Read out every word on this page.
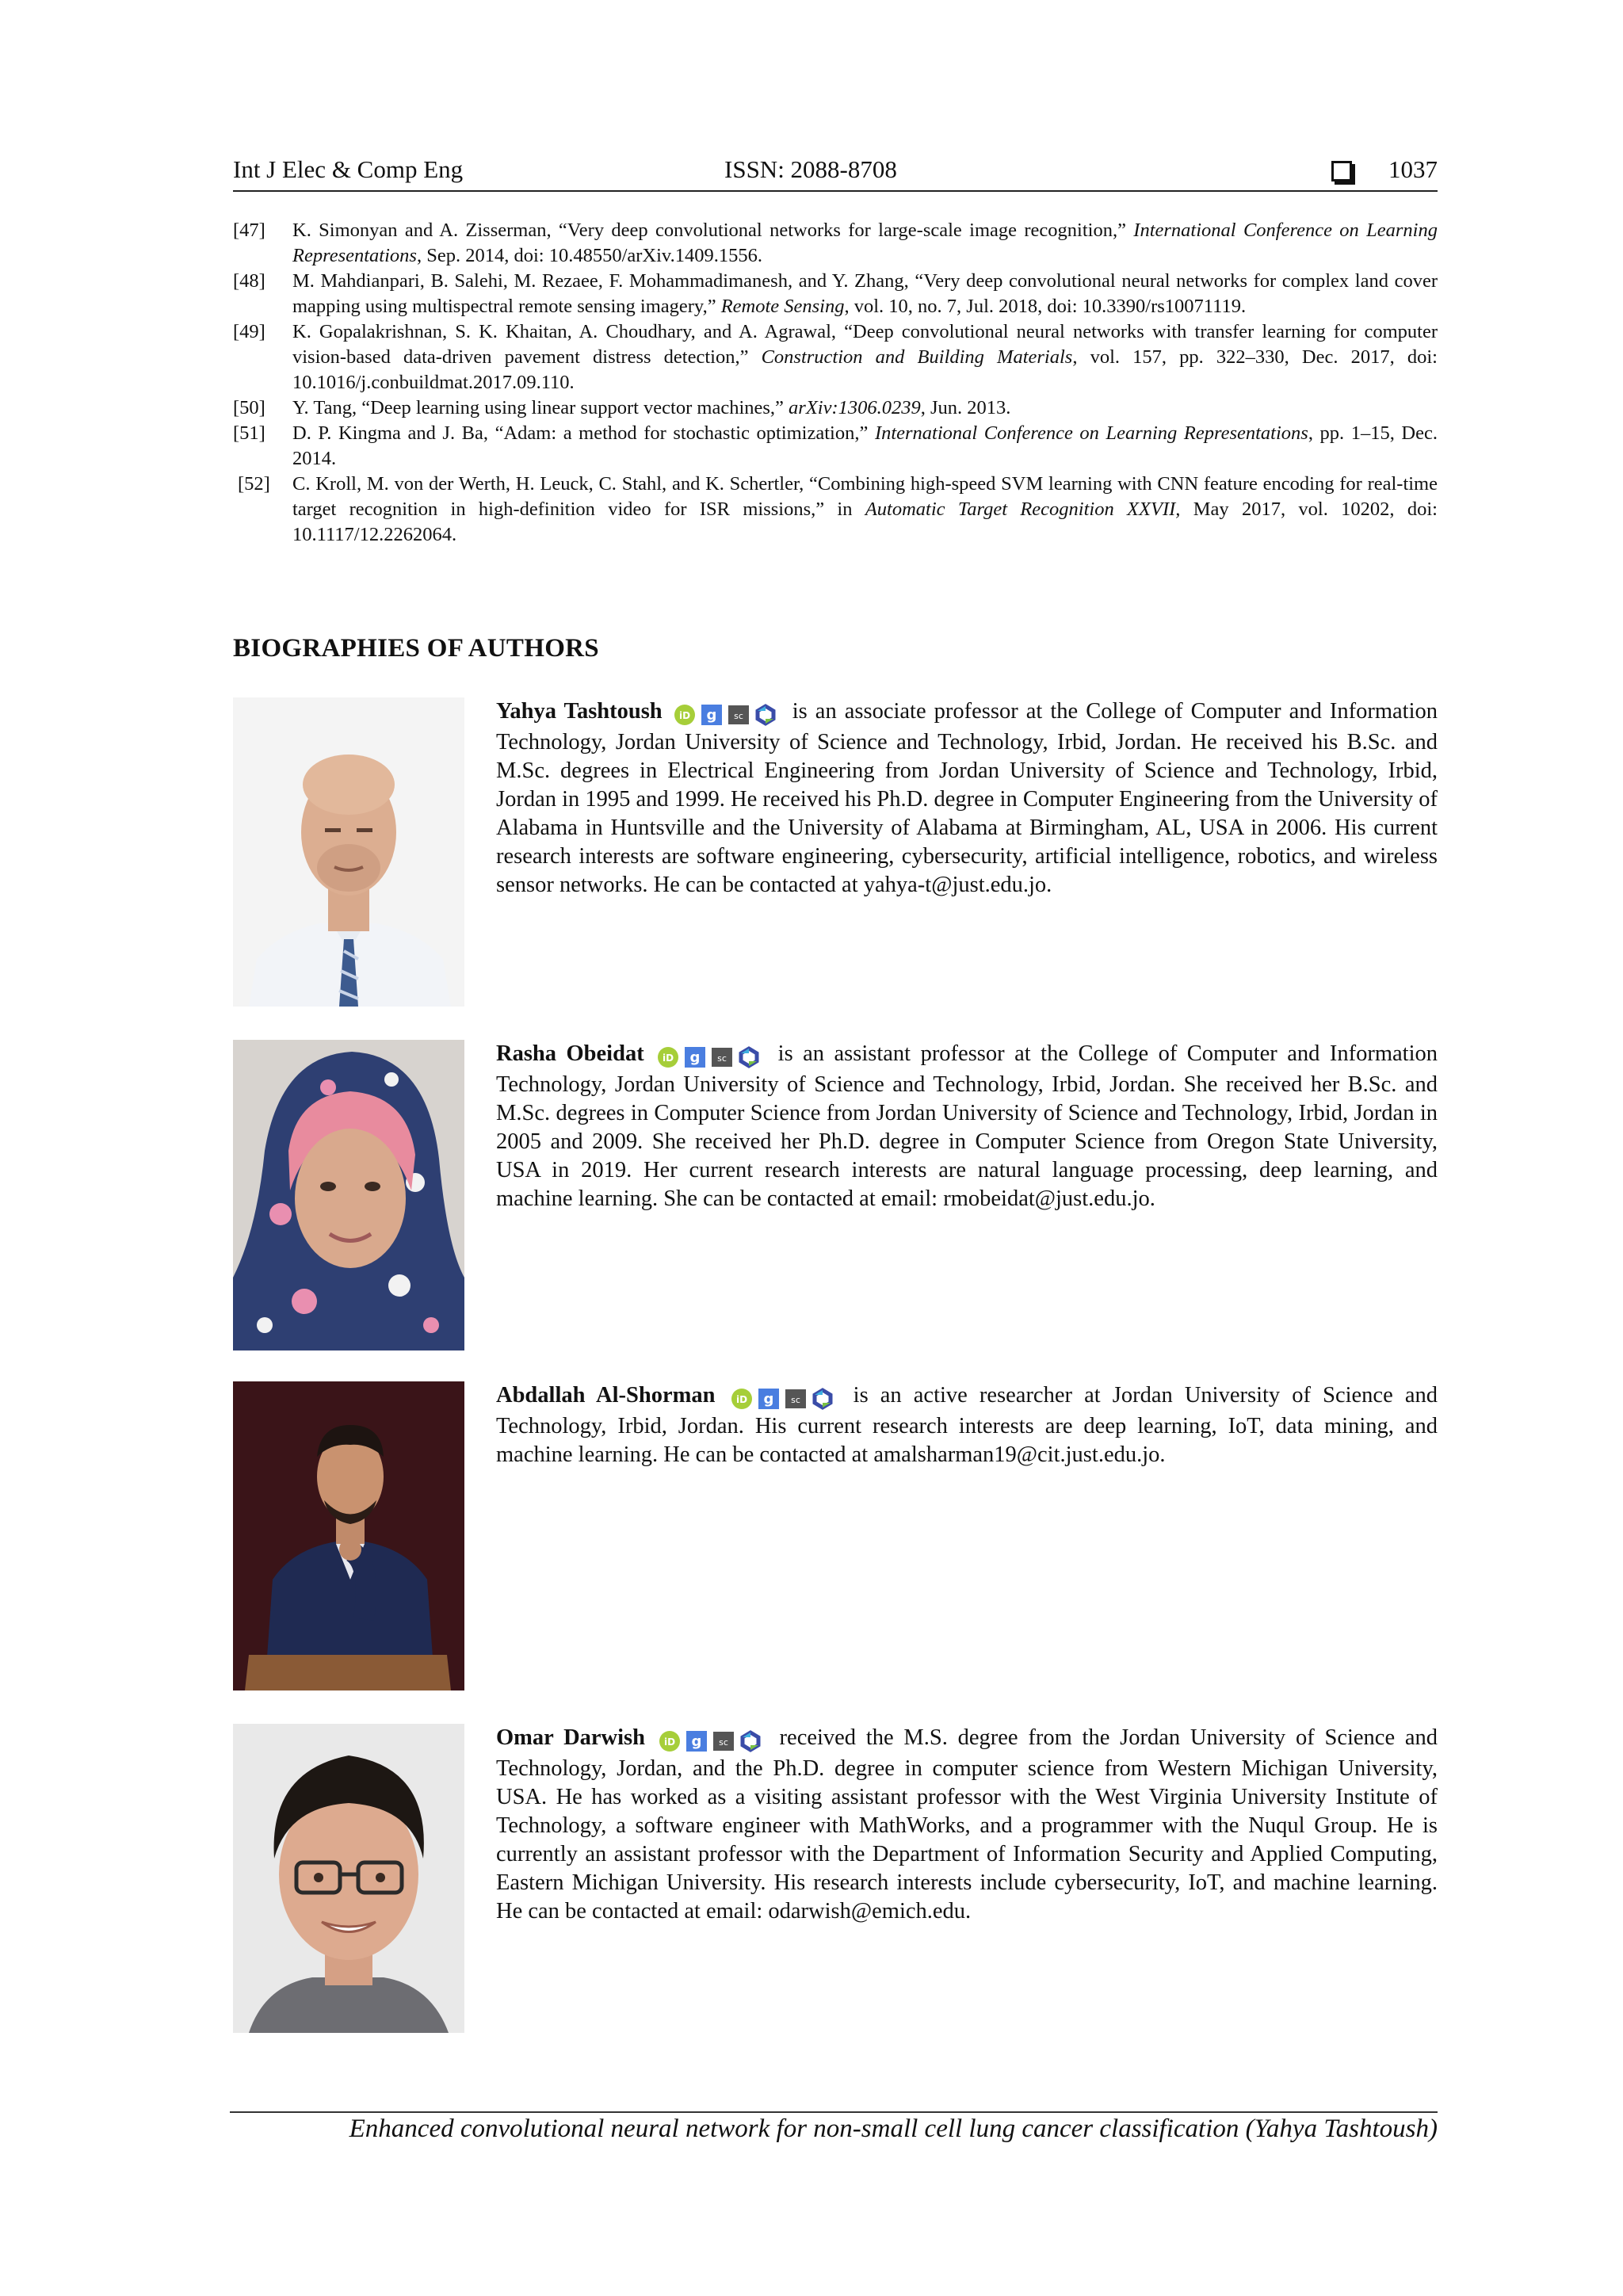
Int J Elec & Comp Eng	ISSN: 2088-8708	1037
[47] K. Simonyan and A. Zisserman, “Very deep convolutional networks for large-scale image recognition,” International Conference on Learning Representations, Sep. 2014, doi: 10.48550/arXiv.1409.1556.
[48] M. Mahdianpari, B. Salehi, M. Rezaee, F. Mohammadimanesh, and Y. Zhang, “Very deep convolutional neural networks for complex land cover mapping using multispectral remote sensing imagery,” Remote Sensing, vol. 10, no. 7, Jul. 2018, doi: 10.3390/rs10071119.
[49] K. Gopalakrishnan, S. K. Khaitan, A. Choudhary, and A. Agrawal, “Deep convolutional neural networks with transfer learning for computer vision-based data-driven pavement distress detection,” Construction and Building Materials, vol. 157, pp. 322–330, Dec. 2017, doi: 10.1016/j.conbuildmat.2017.09.110.
[50] Y. Tang, “Deep learning using linear support vector machines,” arXiv:1306.0239, Jun. 2013.
[51] D. P. Kingma and J. Ba, “Adam: a method for stochastic optimization,” International Conference on Learning Representations, pp. 1–15, Dec. 2014.
[52] C. Kroll, M. von der Werth, H. Leuck, C. Stahl, and K. Schertler, “Combining high-speed SVM learning with CNN feature encoding for real-time target recognition in high-definition video for ISR missions,” in Automatic Target Recognition XXVII, May 2017, vol. 10202, doi: 10.1117/12.2262064.
BIOGRAPHIES OF AUTHORS
Yahya Tashtoush iD g sc is an associate professor at the College of Computer and Information Technology, Jordan University of Science and Technology, Irbid, Jordan. He received his B.Sc. and M.Sc. degrees in Electrical Engineering from Jordan University of Science and Technology, Irbid, Jordan in 1995 and 1999. He received his Ph.D. degree in Computer Engineering from the University of Alabama in Huntsville and the University of Alabama at Birmingham, AL, USA in 2006. His current research interests are software engineering, cybersecurity, artificial intelligence, robotics, and wireless sensor networks. He can be contacted at yahya-t@just.edu.jo.
Rasha Obeidat iD g sc is an assistant professor at the College of Computer and Information Technology, Jordan University of Science and Technology, Irbid, Jordan. She received her B.Sc. and M.Sc. degrees in Computer Science from Jordan University of Science and Technology, Irbid, Jordan in 2005 and 2009. She received her Ph.D. degree in Computer Science from Oregon State University, USA in 2019. Her current research interests are natural language processing, deep learning, and machine learning. She can be contacted at email: rmobeidat@just.edu.jo.
Abdallah Al-Shorman iD g sc is an active researcher at Jordan University of Science and Technology, Irbid, Jordan. His current research interests are deep learning, IoT, data mining, and machine learning. He can be contacted at amalsharman19@cit.just.edu.jo.
Omar Darwish iD g sc received the M.S. degree from the Jordan University of Science and Technology, Jordan, and the Ph.D. degree in computer science from Western Michigan University, USA. He has worked as a visiting assistant professor with the West Virginia University Institute of Technology, a software engineer with MathWorks, and a programmer with the Nuqul Group. He is currently an assistant professor with the Department of Information Security and Applied Computing, Eastern Michigan University. His research interests include cybersecurity, IoT, and machine learning. He can be contacted at email: odarwish@emich.edu.
Enhanced convolutional neural network for non-small cell lung cancer classification (Yahya Tashtoush)
